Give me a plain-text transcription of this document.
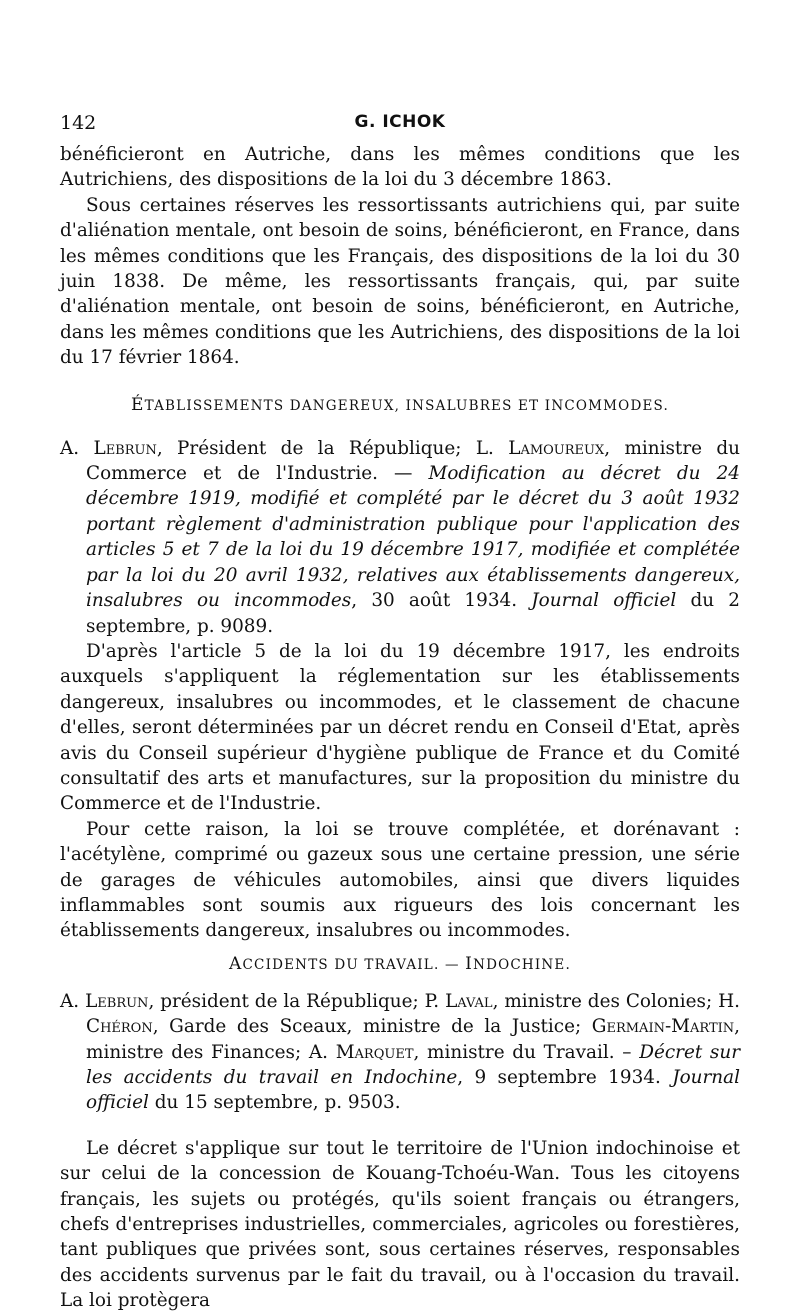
142	G. ICHOK

bénéficieront en Autriche, dans les mêmes conditions que les Autrichiens, des dispositions de la loi du 3 décembre 1863.

Sous certaines réserves les ressortissants autrichiens qui, par suite d'aliénation mentale, ont besoin de soins, bénéficieront, en France, dans les mêmes conditions que les Français, des dispositions de la loi du 30 juin 1838. De même, les ressortissants français, qui, par suite d'aliénation mentale, ont besoin de soins, bénéficieront, en Autriche, dans les mêmes conditions que les Autrichiens, des dispositions de la loi du 17 février 1864.

ÉTABLISSEMENTS DANGEREUX, INSALUBRES ET INCOMMODES.
A. Lebrun, Président de la République; L. Lamoureux, ministre du Commerce et de l'Industrie. — Modification au décret du 24 décembre 1919, modifié et complété par le décret du 3 août 1932 portant règlement d'administration publique pour l'application des articles 5 et 7 de la loi du 19 décembre 1917, modifiée et complétée par la loi du 20 avril 1932, relatives aux établissements dangereux, insalubres ou incommodes, 30 août 1934. Journal officiel du 2 septembre, p. 9089.

D'après l'article 5 de la loi du 19 décembre 1917, les endroits auxquels s'appliquent la réglementation sur les établissements dangereux, insalubres ou incommodes, et le classement de chacune d'elles, seront déterminées par un décret rendu en Conseil d'Etat, après avis du Conseil supérieur d'hygiène publique de France et du Comité consultatif des arts et manufactures, sur la proposition du ministre du Commerce et de l'Industrie.

Pour cette raison, la loi se trouve complétée, et dorénavant : l'acétylène, comprimé ou gazeux sous une certaine pression, une série de garages de véhicules automobiles, ainsi que divers liquides inflammables sont soumis aux rigueurs des lois concernant les établissements dangereux, insalubres ou incommodes.

ACCIDENTS DU TRAVAIL. — INDOCHINE.
A. Lebrun, président de la République; P. Laval, ministre des Colonies; H. Chéron, Garde des Sceaux, ministre de la Justice; Germain-Martin, ministre des Finances; A. Marquet, ministre du Travail. – Décret sur les accidents du travail en Indochine, 9 septembre 1934. Journal officiel du 15 septembre, p. 9503.

Le décret s'applique sur tout le territoire de l'Union indochinoise et sur celui de la concession de Kouang-Tchoéu-Wan. Tous les citoyens français, les sujets ou protégés, qu'ils soient français ou étrangers, chefs d'entreprises industrielles, commerciales, agricoles ou forestières, tant publiques que privées sont, sous certaines réserves, responsables des accidents survenus par le fait du travail, ou à l'occasion du travail. La loi protègera
